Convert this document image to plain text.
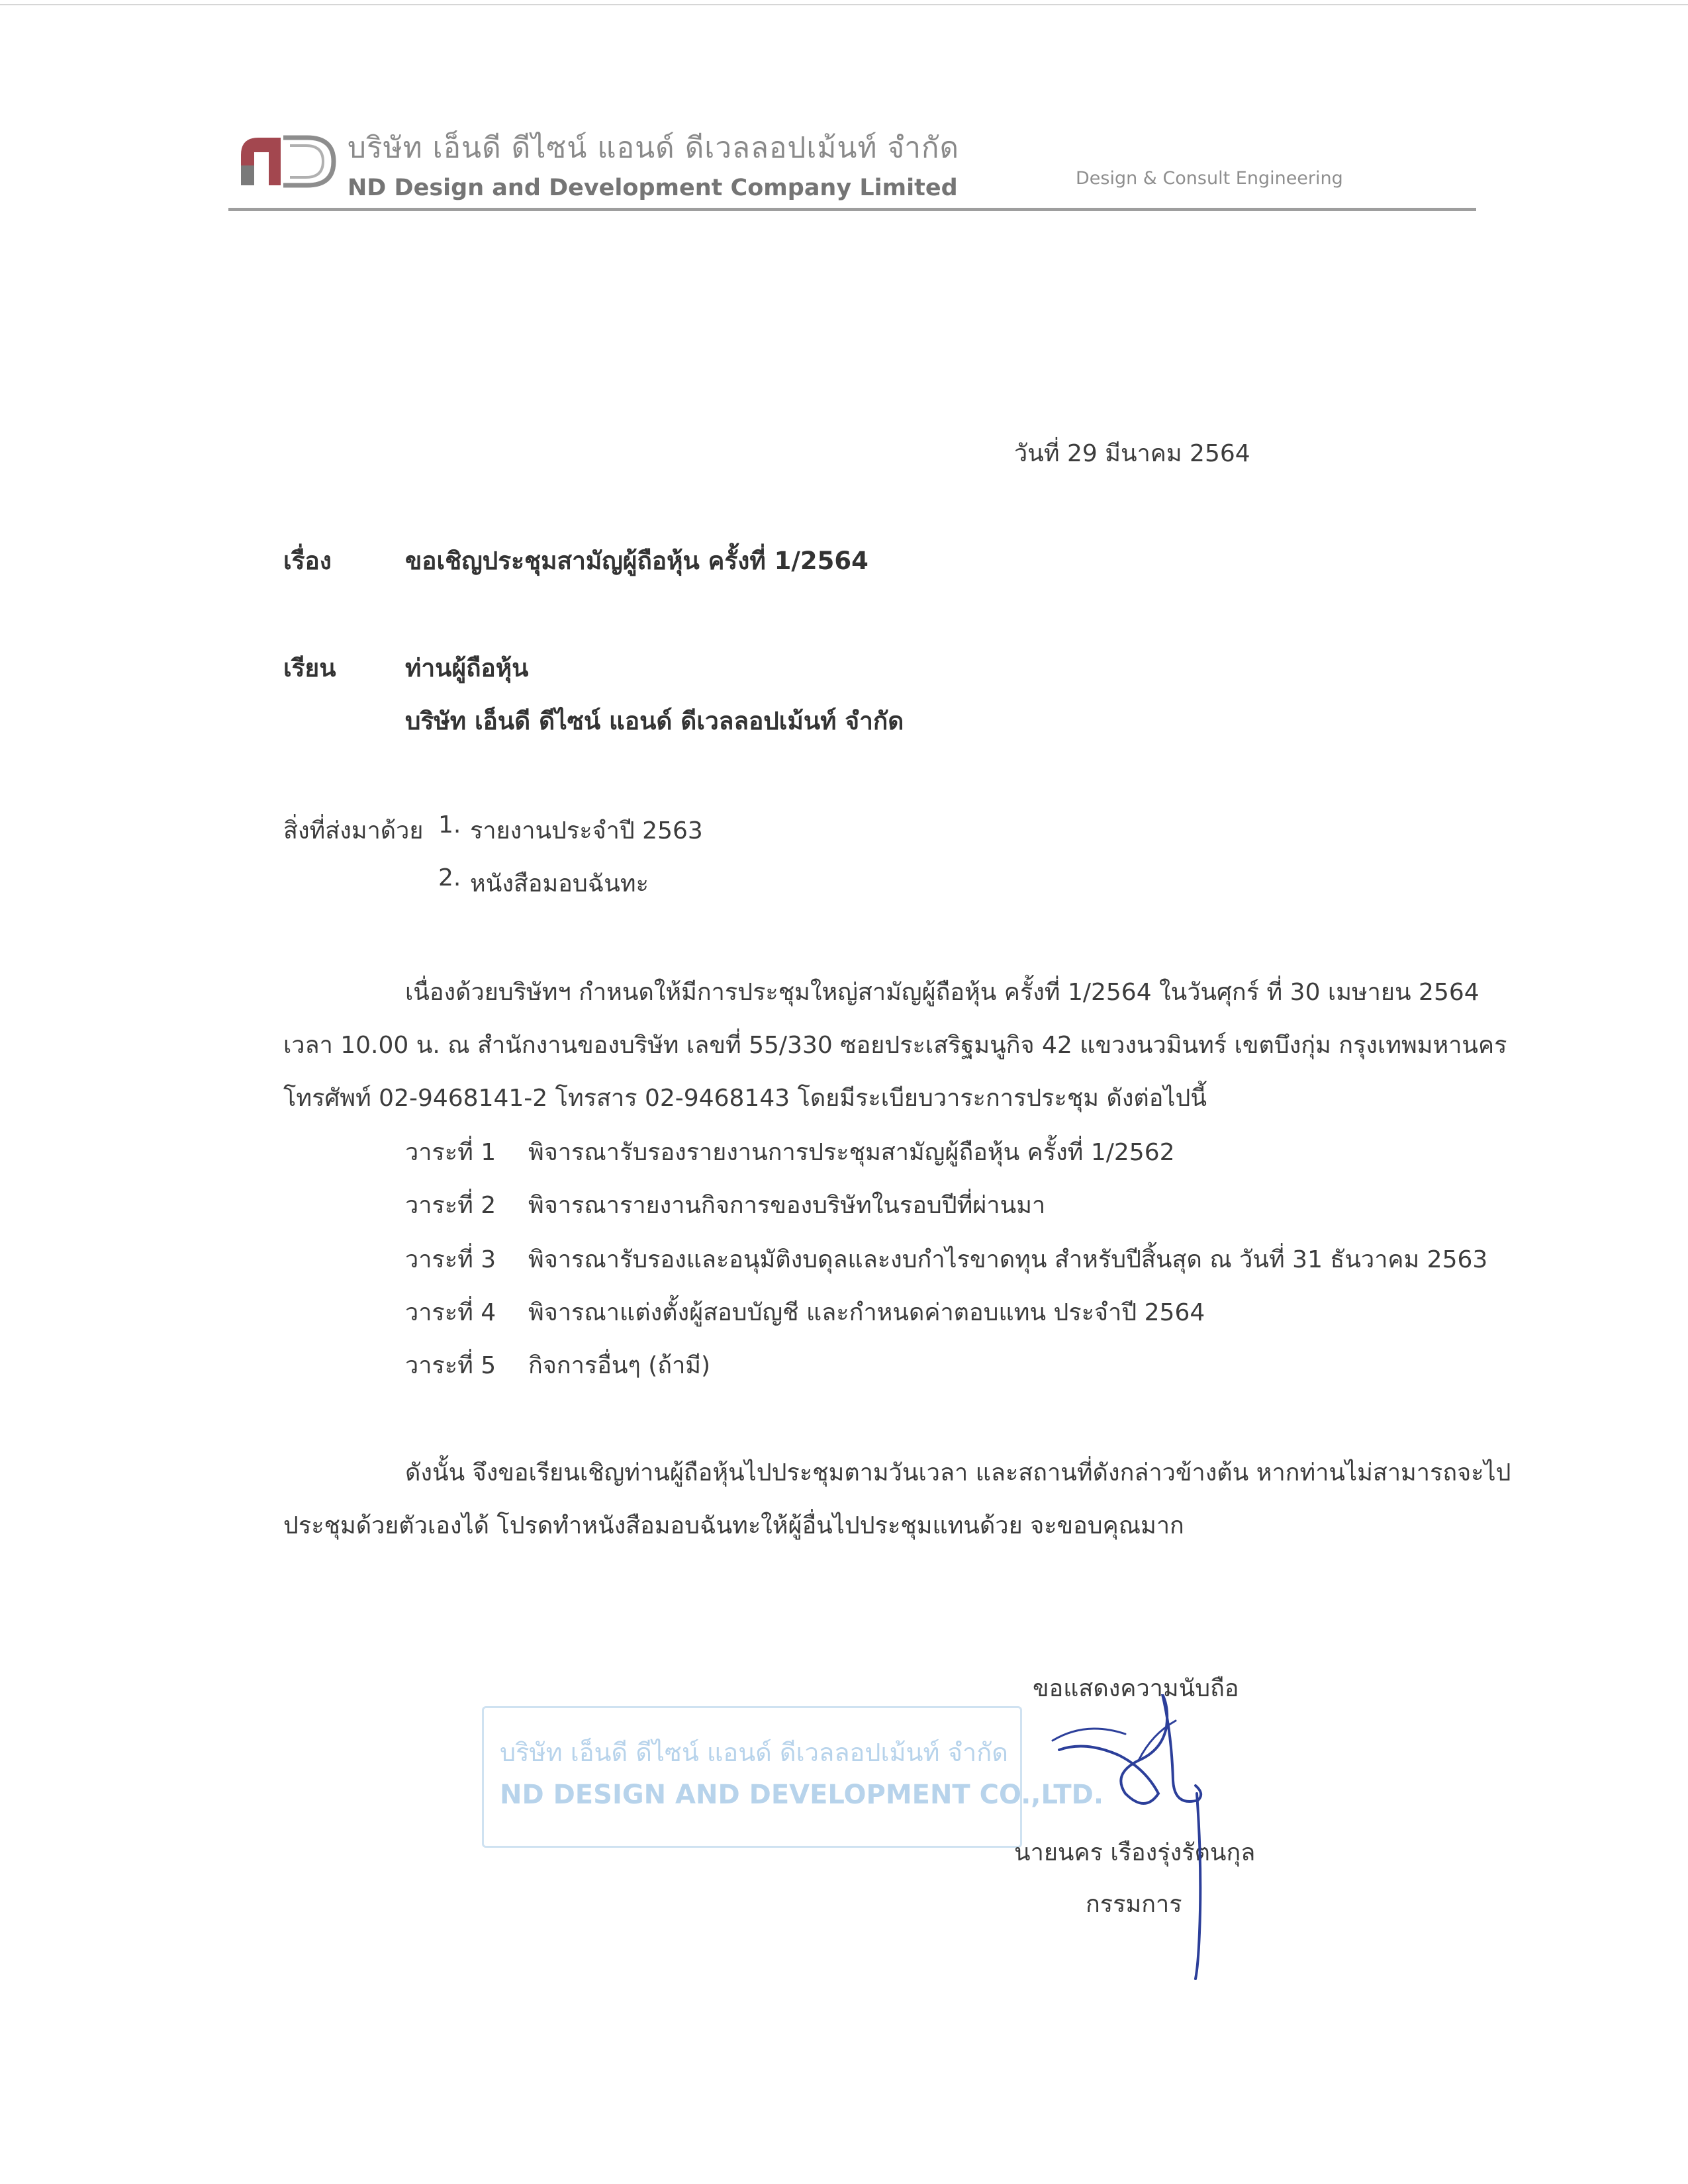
บริษัท เอ็นดี ดีไซน์ แอนด์ ดีเวลลอปเม้นท์ จำกัด
ND Design and Development Company Limited	Design & Consult Engineering
วันที่ 29 มีนาคม 2564
เรื่อง	ขอเชิญประชุมสามัญผู้ถือหุ้น ครั้งที่ 1/2564
เรียน	ท่านผู้ถือหุ้น
บริษัท เอ็นดี ดีไซน์ แอนด์ ดีเวลลอปเม้นท์ จำกัด
สิ่งที่ส่งมาด้วย 1. รายงานประจำปี 2563
2. หนังสือมอบฉันทะ
เนื่องด้วยบริษัทฯ กำหนดให้มีการประชุมใหญ่สามัญผู้ถือหุ้น ครั้งที่ 1/2564 ในวันศุกร์ ที่ 30 เมษายน 2564
เวลา 10.00 น. ณ สำนักงานของบริษัท เลขที่ 55/330 ซอยประเสริฐมนูกิจ 42 แขวงนวมินทร์ เขตบึงกุ่ม กรุงเทพมหานคร
โทรศัพท์ 02-9468141-2 โทรสาร 02-9468143 โดยมีระเบียบวาระการประชุม ดังต่อไปนี้
วาระที่ 1 พิจารณารับรองรายงานการประชุมสามัญผู้ถือหุ้น ครั้งที่ 1/2562
วาระที่ 2 พิจารณารายงานกิจการของบริษัทในรอบปีที่ผ่านมา
วาระที่ 3 พิจารณารับรองและอนุมัติงบดุลและงบกำไรขาดทุน สำหรับปีสิ้นสุด ณ วันที่ 31 ธันวาคม 2563
วาระที่ 4 พิจารณาแต่งตั้งผู้สอบบัญชี และกำหนดค่าตอบแทน ประจำปี 2564
วาระที่ 5 กิจการอื่นๆ (ถ้ามี)
ดังนั้น จึงขอเรียนเชิญท่านผู้ถือหุ้นไปประชุมตามวันเวลา และสถานที่ดังกล่าวข้างต้น หากท่านไม่สามารถจะไป
ประชุมด้วยตัวเองได้ โปรดทำหนังสือมอบฉันทะให้ผู้อื่นไปประชุมแทนด้วย จะขอบคุณมาก
บริษัท เอ็นดี ดีไซน์ แอนด์ ดีเวลลอปเม้นท์ จำกัด
ND DESIGN AND DEVELOPMENT CO.,LTD.
ขอแสดงความนับถือ
นายนคร เรืองรุ่งรัตนกุล
กรรมการ
